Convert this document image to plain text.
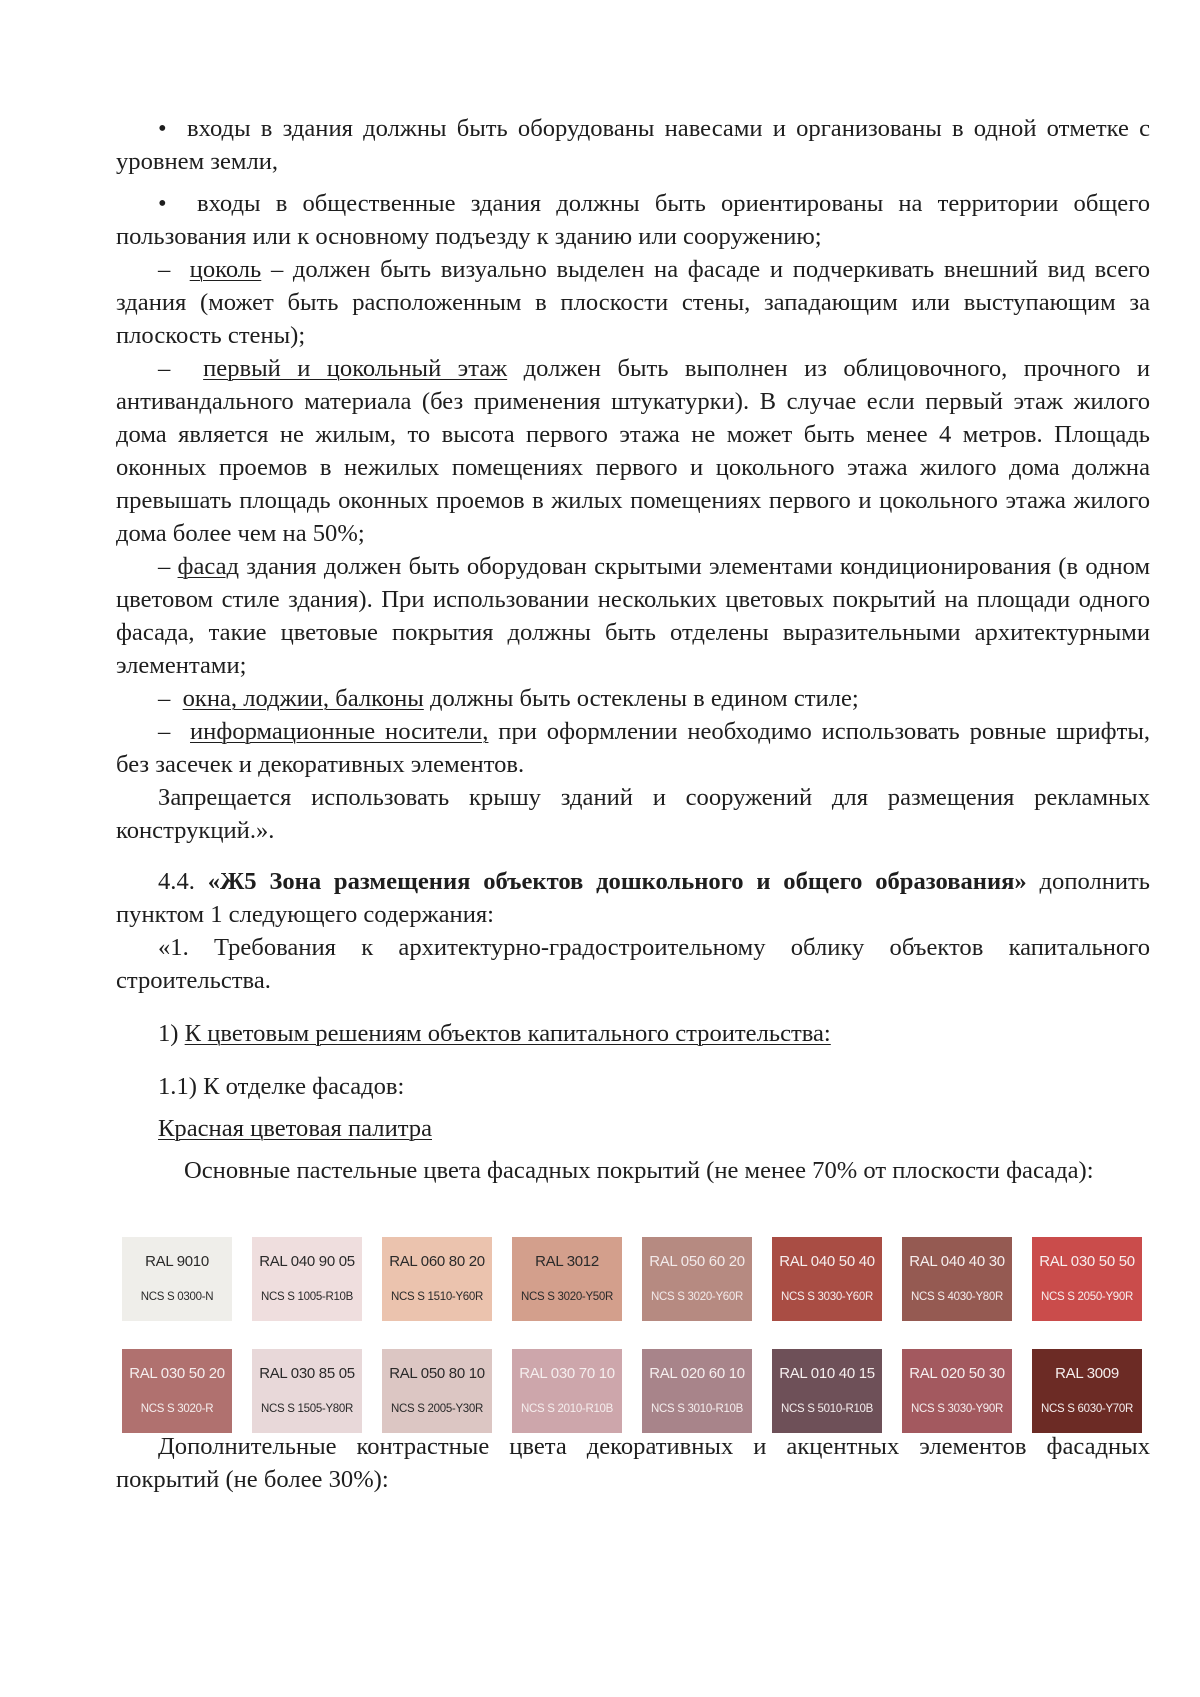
•  входы в здания должны быть оборудованы навесами и организованы в одной отметке с уровнем земли,

•  входы в общественные здания должны быть ориентированы на территории общего пользования или к основному подъезду к зданию или сооружению;

–  цоколь – должен быть визуально выделен на фасаде и подчеркивать внешний вид всего здания (может быть расположенным в плоскости стены, западающим или выступающим за плоскость стены);

–  первый и цокольный этаж должен быть выполнен из облицовочного, прочного и антивандального материала (без применения штукатурки). В случае если первый этаж жилого дома является не жилым, то высота первого этажа не может быть менее 4 метров. Площадь оконных проемов в нежилых помещениях первого и цокольного этажа жилого дома должна превышать площадь оконных проемов в жилых помещениях первого и цокольного этажа жилого дома более чем на 50%;

– фасад здания должен быть оборудован скрытыми элементами кондиционирования (в одном цветовом стиле здания). При использовании нескольких цветовых покрытий на площади одного фасада, такие цветовые покрытия должны быть отделены выразительными архитектурными элементами;

–  окна, лоджии, балконы должны быть остеклены в едином стиле;

–  информационные носители, при оформлении необходимо использовать ровные шрифты, без засечек и декоративных элементов.

Запрещается использовать крышу зданий и сооружений для размещения рекламных конструкций.».

4.4. «Ж5 Зона размещения объектов дошкольного и общего образования» дополнить пунктом 1 следующего содержания:

«1. Требования к архитектурно-градостроительному облику объектов капитального строительства.

1) К цветовым решениям объектов капитального строительства:

1.1) К отделке фасадов:

Красная цветовая палитра

Основные пастельные цвета фасадных покрытий (не менее 70% от плоскости фасада):

RAL 9010
NCS S 0300-N
RAL 040 90 05
NCS S 1005-R10B
RAL 060 80 20
NCS S 1510-Y60R
RAL 3012
NCS S 3020-Y50R
RAL 050 60 20
NCS S 3020-Y60R
RAL 040 50 40
NCS S 3030-Y60R
RAL 040 40 30
NCS S 4030-Y80R
RAL 030 50 50
NCS S 2050-Y90R
RAL 030 50 20
NCS S 3020-R
RAL 030 85 05
NCS S 1505-Y80R
RAL 050 80 10
NCS S 2005-Y30R
RAL 030 70 10
NCS S 2010-R10B
RAL 020 60 10
NCS S 3010-R10B
RAL 010 40 15
NCS S 5010-R10B
RAL 020 50 30
NCS S 3030-Y90R
RAL 3009
NCS S 6030-Y70R

Дополнительные контрастные цвета декоративных и акцентных элементов фасадных покрытий (не более 30%):
